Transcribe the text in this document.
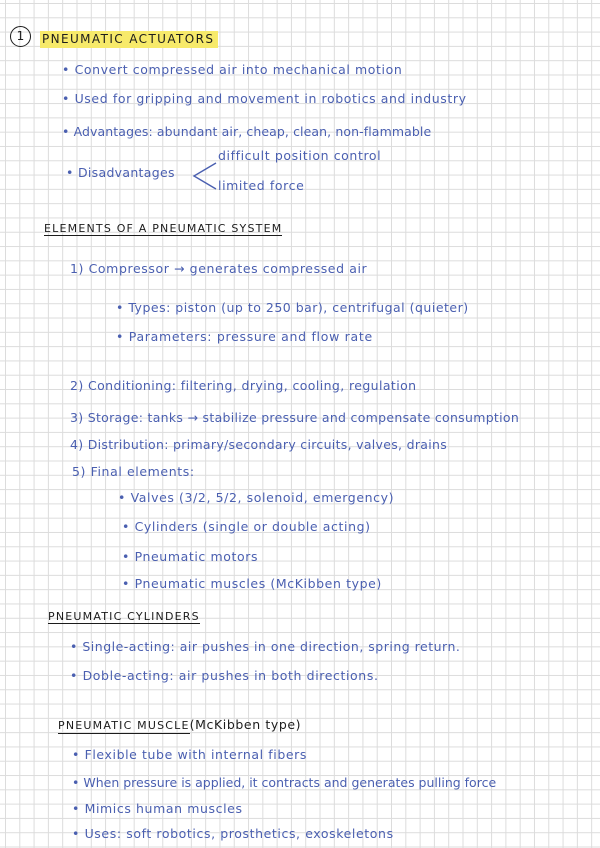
1	PNEUMATIC ACTUATORS
• Convert compressed air into mechanical motion
• Used for gripping and movement in robotics and industry
• Advantages: abundant air, cheap, clean, non-flammable
• Disadvantages
difficult position control
limited force
ELEMENTS OF A PNEUMATIC SYSTEM
1) Compressor → generates compressed air
• Types: piston (up to 250 bar), centrifugal (quieter)
• Parameters: pressure and flow rate
2) Conditioning: filtering, drying, cooling, regulation
3) Storage: tanks → stabilize pressure and compensate consumption
4) Distribution: primary/secondary circuits, valves, drains
5) Final elements:
• Valves (3/2, 5/2, solenoid, emergency)
• Cylinders (single or double acting)
• Pneumatic motors
• Pneumatic muscles (McKibben type)
PNEUMATIC CYLINDERS
• Single-acting: air pushes in one direction, spring return.
• Doble-acting: air pushes in both directions.
PNEUMATIC MUSCLE(McKibben type)
• Flexible tube with internal fibers
• When pressure is applied, it contracts and generates pulling force
• Mimics human muscles
• Uses: soft robotics, prosthetics, exoskeletons
